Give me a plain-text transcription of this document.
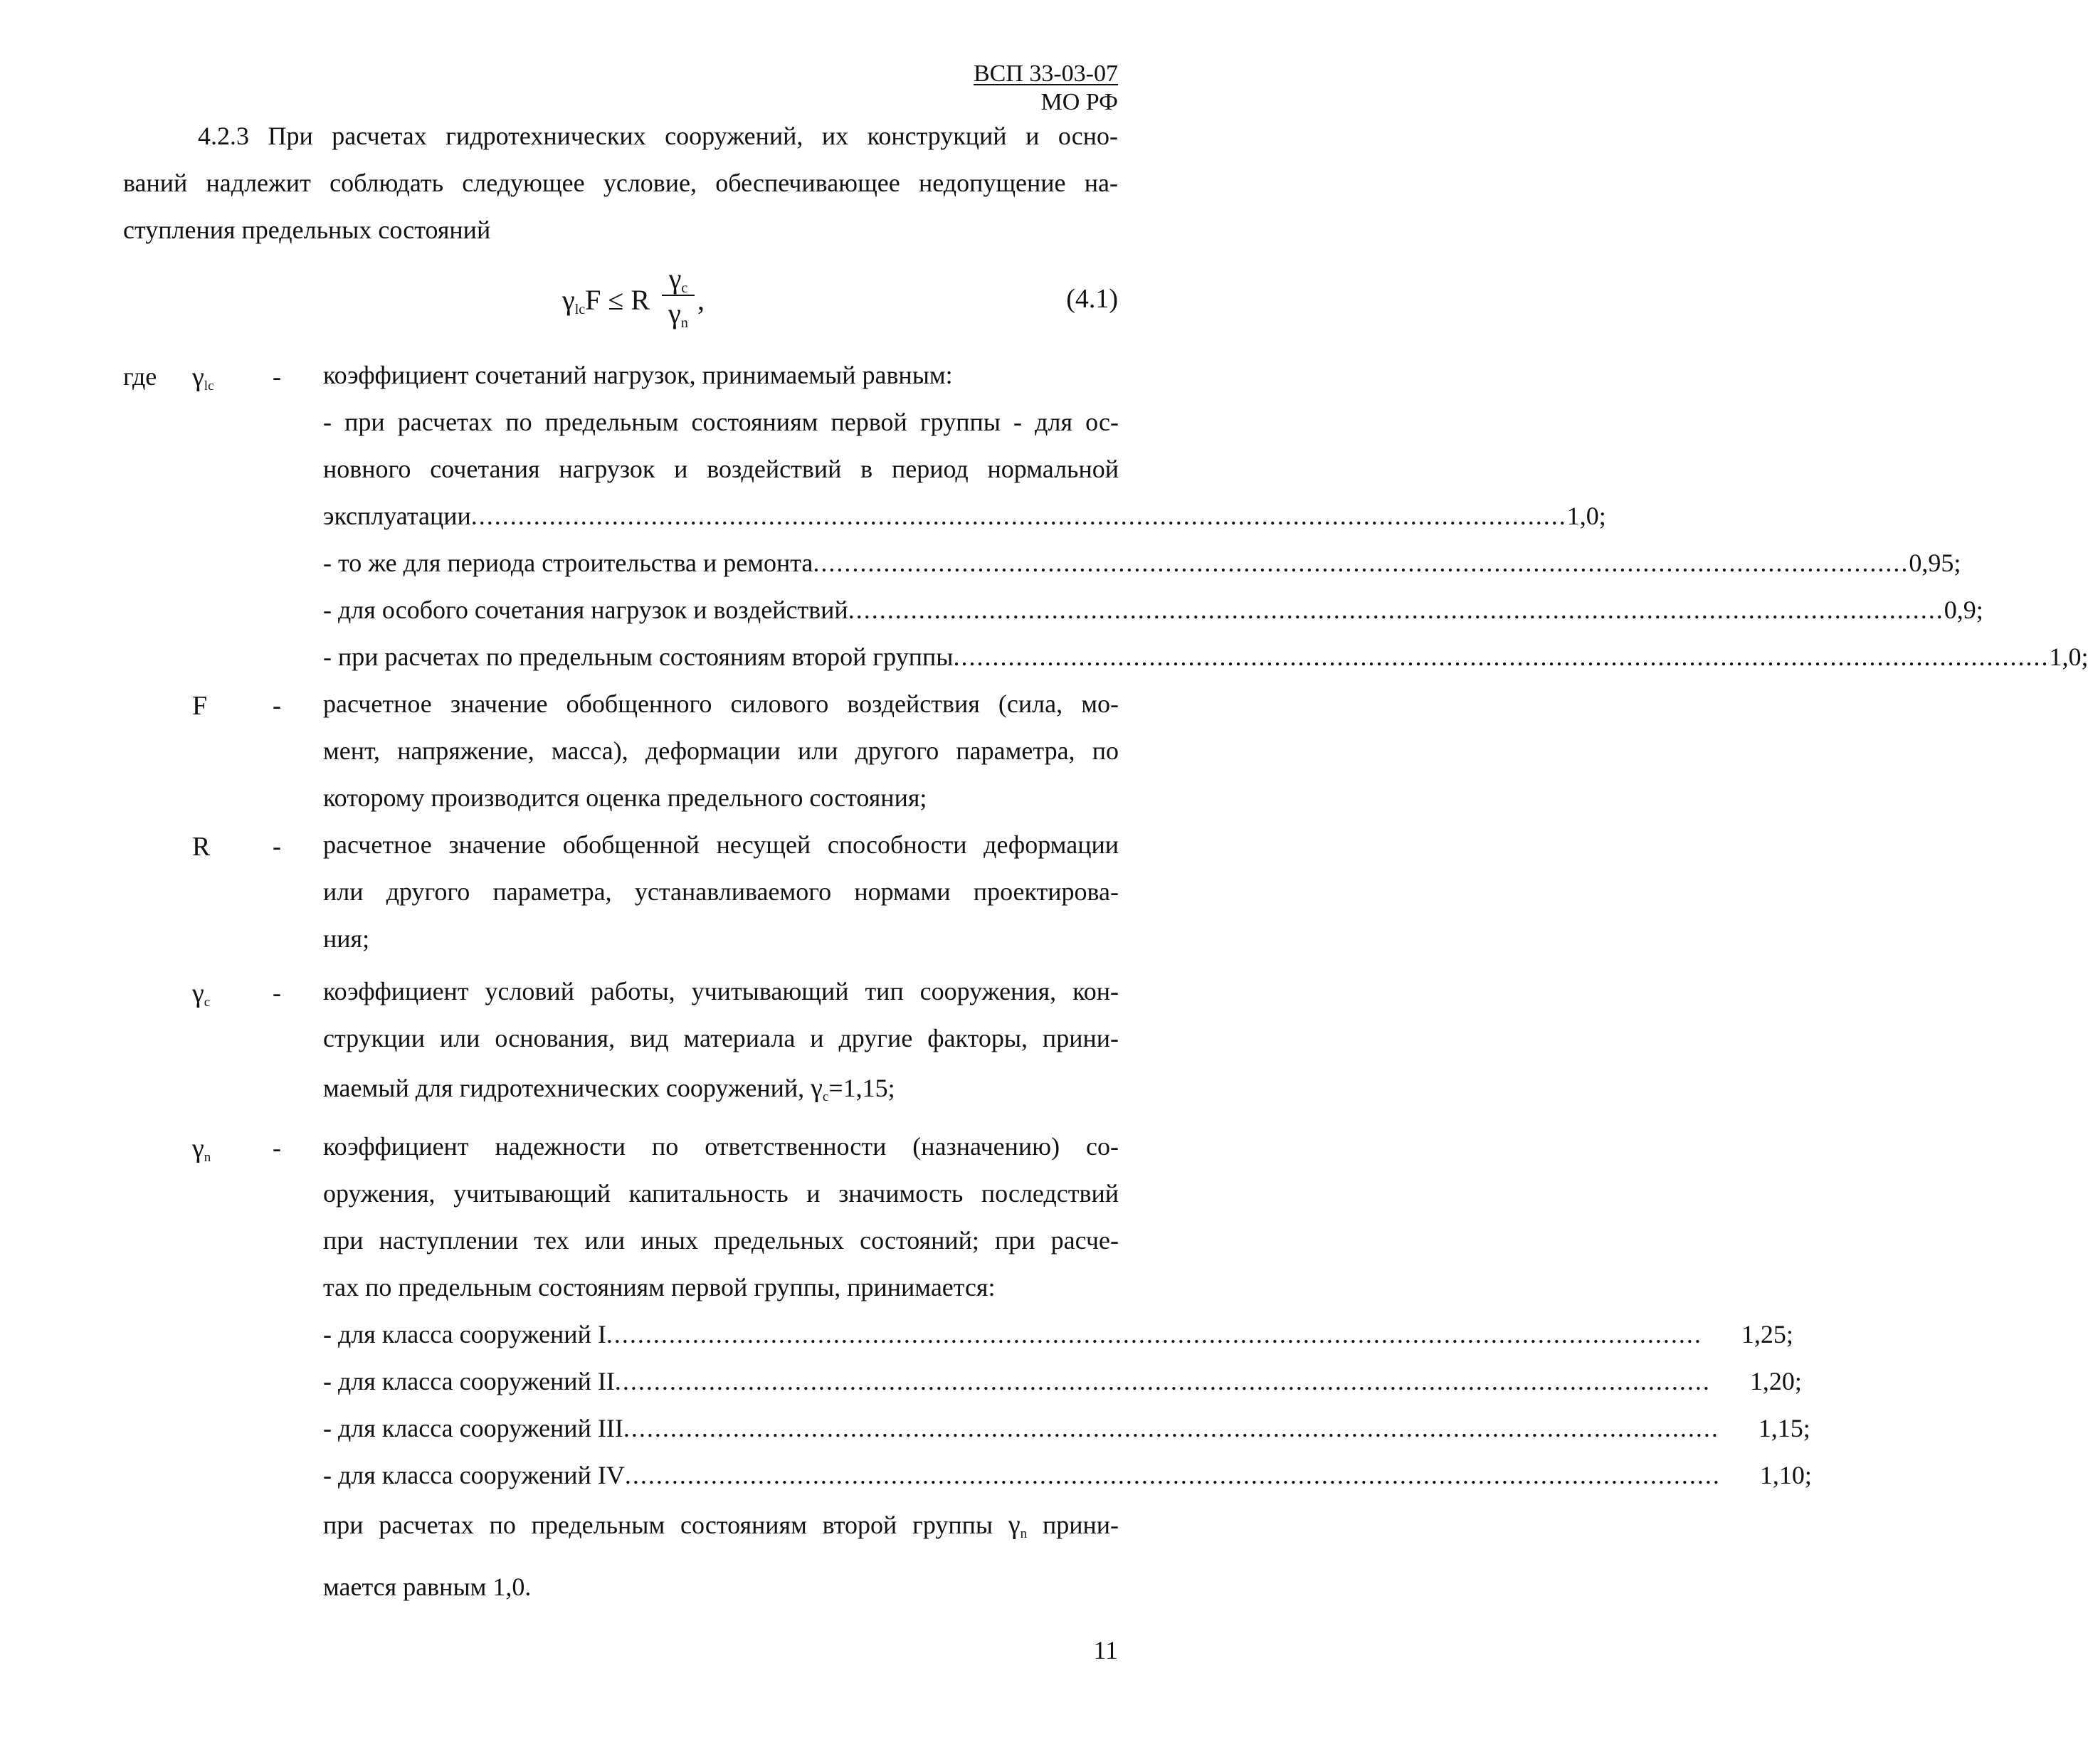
ВСП 33-03-07
МО РФ
4.2.3 При расчетах гидротехнических сооружений, их конструкций и осно-
ваний надлежит соблюдать следующее условие, обеспечивающее недопущение на-
ступления предельных состояний
$\gamma_{lc}F \le R$
$\gamma_c$
$\gamma_n$
,	(4.1)
где $\gamma_{lc}$ - коэффициент сочетаний нагрузок, принимаемый равным:
- при расчетах по предельным состояниям первой группы - для ос-
новного сочетания нагрузок и воздействий в период нормальной
эксплуатации ............................................................................................................................................ 1,0;
- то же для периода строительства и ремонта ............................................................................................................................................ 0,95;
- для особого сочетания нагрузок и воздействий ............................................................................................................................................ 0,9;
- при расчетах по предельным состояниям второй группы ............................................................................................................................................ 1,0;
F	- расчетное значение обобщенного силового воздействия (сила, мо-
мент, напряжение, масса), деформации или другого параметра, по
которому производится оценка предельного состояния;
R - расчетное значение обобщенной несущей способности деформации
или другого параметра, устанавливаемого нормами проектирова-
ния;
$\gamma_c$ - коэффициент условий работы, учитывающий тип сооружения, кон-
струкции или основания, вид материала и другие факторы, прини-
маемый для гидротехнических сооружений, $\gamma_c=1,15$;
$\gamma_n$ - коэффициент надежности по ответственности (назначению) со-
оружения, учитывающий капитальность и значимость последствий
при наступлении тех или иных предельных состояний; при расче-
тах по предельным состояниям первой группы, принимается:
- для класса сооружений I ............................................................................................................................................	1,25;
- для класса сооружений II ............................................................................................................................................	1,20;
- для класса сооружений III ............................................................................................................................................	1,15;
- для класса сооружений IV ............................................................................................................................................	1,10;
при расчетах по предельным состояниям второй группы $\gamma_n$ прини-
мается равным 1,0.
11
